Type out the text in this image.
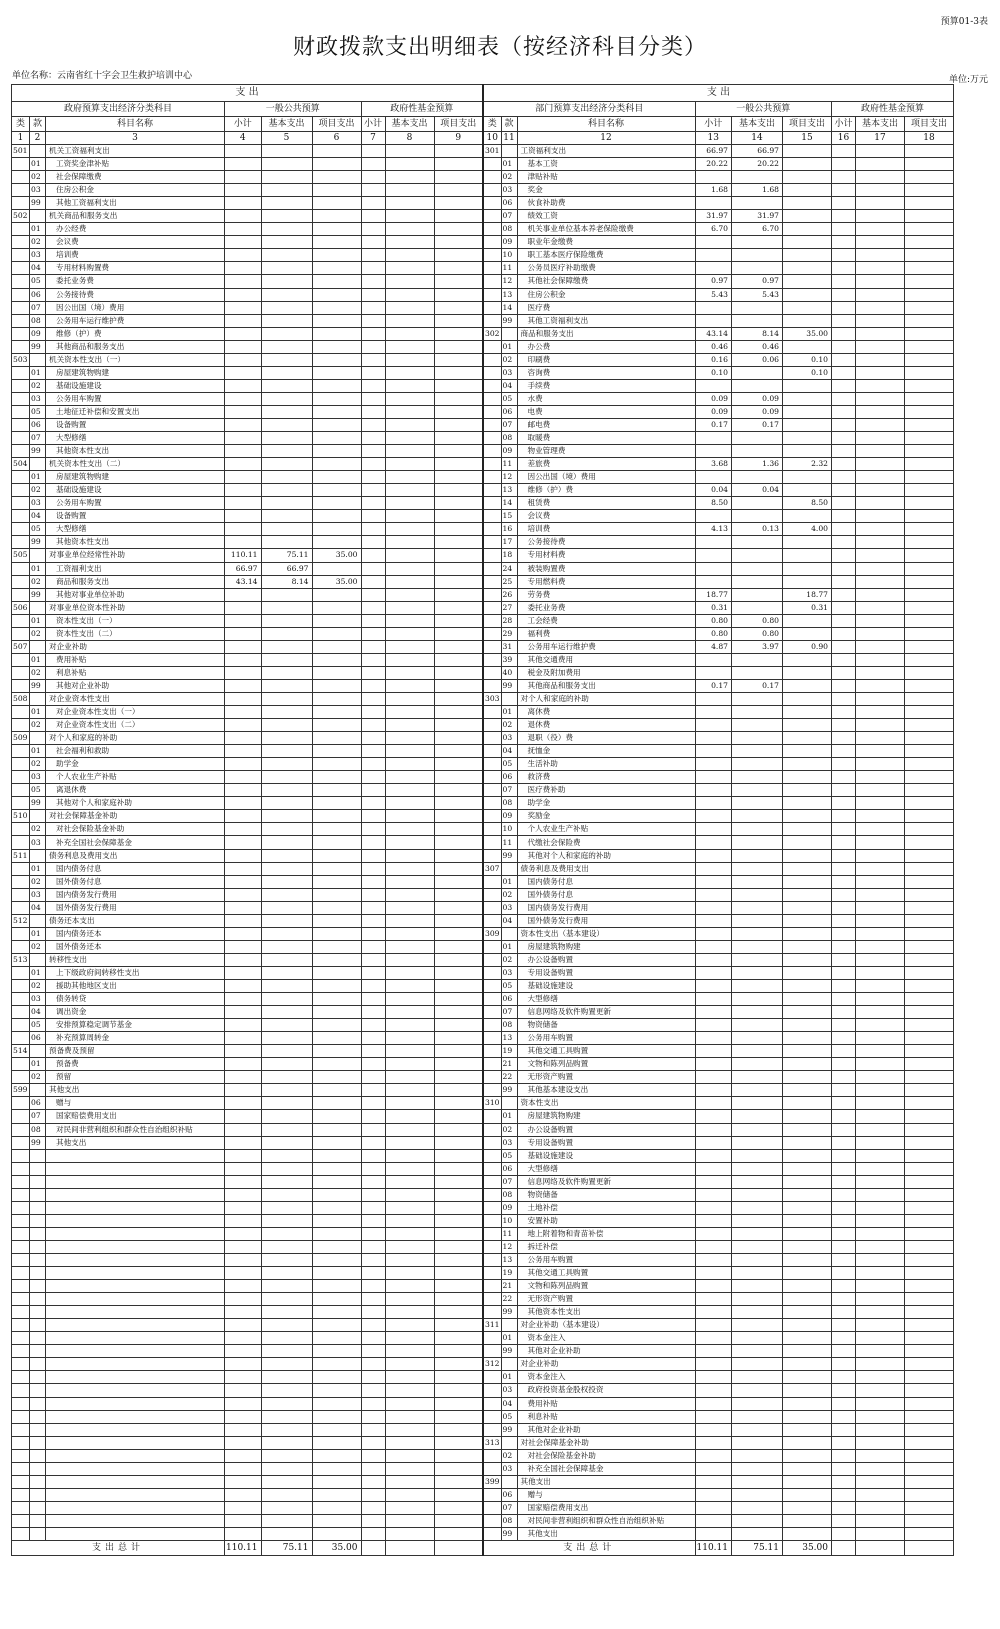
预算01-3表
财政拨款支出明细表（按经济科目分类）
单位名称：云南省红十字会卫生救护培训中心	单位:万元
支 出									支 出								
政府预算支出经济分类科目			一般公共预算			政府性基金预算			部门预算支出经济分类科目			一般公共预算			政府性基金预算		
类	款	科目名称	小计	基本支出	项目支出	小计	基本支出	项目支出	类	款	科目名称	小计	基本支出	项目支出	小计	基本支出	项目支出
1	2	3	4	5	6	7	8	9	10	11	12	13	14	15	16	17	18
501		机关工资福利支出							301		工资福利支出	66.97	66.97				
	01	工资奖金津补贴								01	基本工资	20.22	20.22				
	02	社会保障缴费								02	津贴补贴						
	03	住房公积金								03	奖金	1.68	1.68				
	99	其他工资福利支出								06	伙食补助费						
502		机关商品和服务支出								07	绩效工资	31.97	31.97				
	01	办公经费								08	机关事业单位基本养老保险缴费	6.70	6.70				
	02	会议费								09	职业年金缴费						
	03	培训费								10	职工基本医疗保险缴费						
	04	专用材料购置费								11	公务员医疗补助缴费						
	05	委托业务费								12	其他社会保障缴费	0.97	0.97				
	06	公务接待费								13	住房公积金	5.43	5.43				
	07	因公出国（境）费用								14	医疗费						
	08	公务用车运行维护费								99	其他工资福利支出						
	09	维修（护）费							302		商品和服务支出	43.14	8.14	35.00			
	99	其他商品和服务支出								01	办公费	0.46	0.46				
503		机关资本性支出（一）								02	印刷费	0.16	0.06	0.10			
	01	房屋建筑物购建								03	咨询费	0.10		0.10			
	02	基础设施建设								04	手续费						
	03	公务用车购置								05	水费	0.09	0.09				
	05	土地征迁补偿和安置支出								06	电费	0.09	0.09				
	06	设备购置								07	邮电费	0.17	0.17				
	07	大型修缮								08	取暖费						
	99	其他资本性支出								09	物业管理费						
504		机关资本性支出（二）								11	差旅费	3.68	1.36	2.32			
	01	房屋建筑物购建								12	因公出国（境）费用						
	02	基础设施建设								13	维修（护）费	0.04	0.04				
	03	公务用车购置								14	租赁费	8.50		8.50			
	04	设备购置								15	会议费						
	05	大型修缮								16	培训费	4.13	0.13	4.00			
	99	其他资本性支出								17	公务接待费						
505		对事业单位经常性补助	110.11	75.11	35.00					18	专用材料费						
	01	工资福利支出	66.97	66.97						24	被装购置费						
	02	商品和服务支出	43.14	8.14	35.00					25	专用燃料费						
	99	其他对事业单位补助								26	劳务费	18.77		18.77			
506		对事业单位资本性补助								27	委托业务费	0.31		0.31			
	01	资本性支出（一）								28	工会经费	0.80	0.80				
	02	资本性支出（二）								29	福利费	0.80	0.80				
507		对企业补助								31	公务用车运行维护费	4.87	3.97	0.90			
	01	费用补贴								39	其他交通费用						
	02	利息补贴								40	税金及附加费用						
	99	其他对企业补助								99	其他商品和服务支出	0.17	0.17				
508		对企业资本性支出							303		对个人和家庭的补助						
	01	对企业资本性支出（一）								01	离休费						
	02	对企业资本性支出（二）								02	退休费						
509		对个人和家庭的补助								03	退职（役）费						
	01	社会福利和救助								04	抚恤金						
	02	助学金								05	生活补助						
	03	个人农业生产补贴								06	救济费						
	05	离退休费								07	医疗费补助						
	99	其他对个人和家庭补助								08	助学金						
510		对社会保障基金补助								09	奖励金						
	02	对社会保险基金补助								10	个人农业生产补贴						
	03	补充全国社会保障基金								11	代缴社会保险费						
511		债务利息及费用支出								99	其他对个人和家庭的补助						
	01	国内债务付息							307		债务利息及费用支出						
	02	国外债务付息								01	国内债务付息						
	03	国内债务发行费用								02	国外债务付息						
	04	国外债务发行费用								03	国内债务发行费用						
512		债务还本支出								04	国外债务发行费用						
	01	国内债务还本							309		资本性支出（基本建设）						
	02	国外债务还本								01	房屋建筑物购建						
513		转移性支出								02	办公设备购置						
	01	上下级政府间转移性支出								03	专用设备购置						
	02	援助其他地区支出								05	基础设施建设						
	03	债务转贷								06	大型修缮						
	04	调出资金								07	信息网络及软件购置更新						
	05	安排预算稳定调节基金								08	物资储备						
	06	补充预算周转金								13	公务用车购置						
514		预备费及预留								19	其他交通工具购置						
	01	预备费								21	文物和陈列品购置						
	02	预留								22	无形资产购置						
599		其他支出								99	其他基本建设支出						
	06	赠与							310		资本性支出						
	07	国家赔偿费用支出								01	房屋建筑物购建						
	08	对民间非营利组织和群众性自治组织补贴								02	办公设备购置						
	99	其他支出								03	专用设备购置						
										05	基础设施建设						
										06	大型修缮						
										07	信息网络及软件购置更新						
										08	物资储备						
										09	土地补偿						
										10	安置补助						
										11	地上附着物和青苗补偿						
										12	拆迁补偿						
										13	公务用车购置						
										19	其他交通工具购置						
										21	文物和陈列品购置						
										22	无形资产购置						
										99	其他资本性支出						
									311		对企业补助（基本建设）						
										01	资本金注入						
										99	其他对企业补助						
									312		对企业补助						
										01	资本金注入						
										03	政府投资基金股权投资						
										04	费用补贴						
										05	利息补贴						
										99	其他对企业补助						
									313		对社会保障基金补助						
										02	对社会保险基金补助						
										03	补充全国社会保障基金						
									399		其他支出						
										06	赠与						
										07	国家赔偿费用支出						
										08	对民间非营利组织和群众性自治组织补贴						
										99	其他支出						
支出总计			110.11	75.11	35.00				支出总计			110.11	75.11	35.00			
